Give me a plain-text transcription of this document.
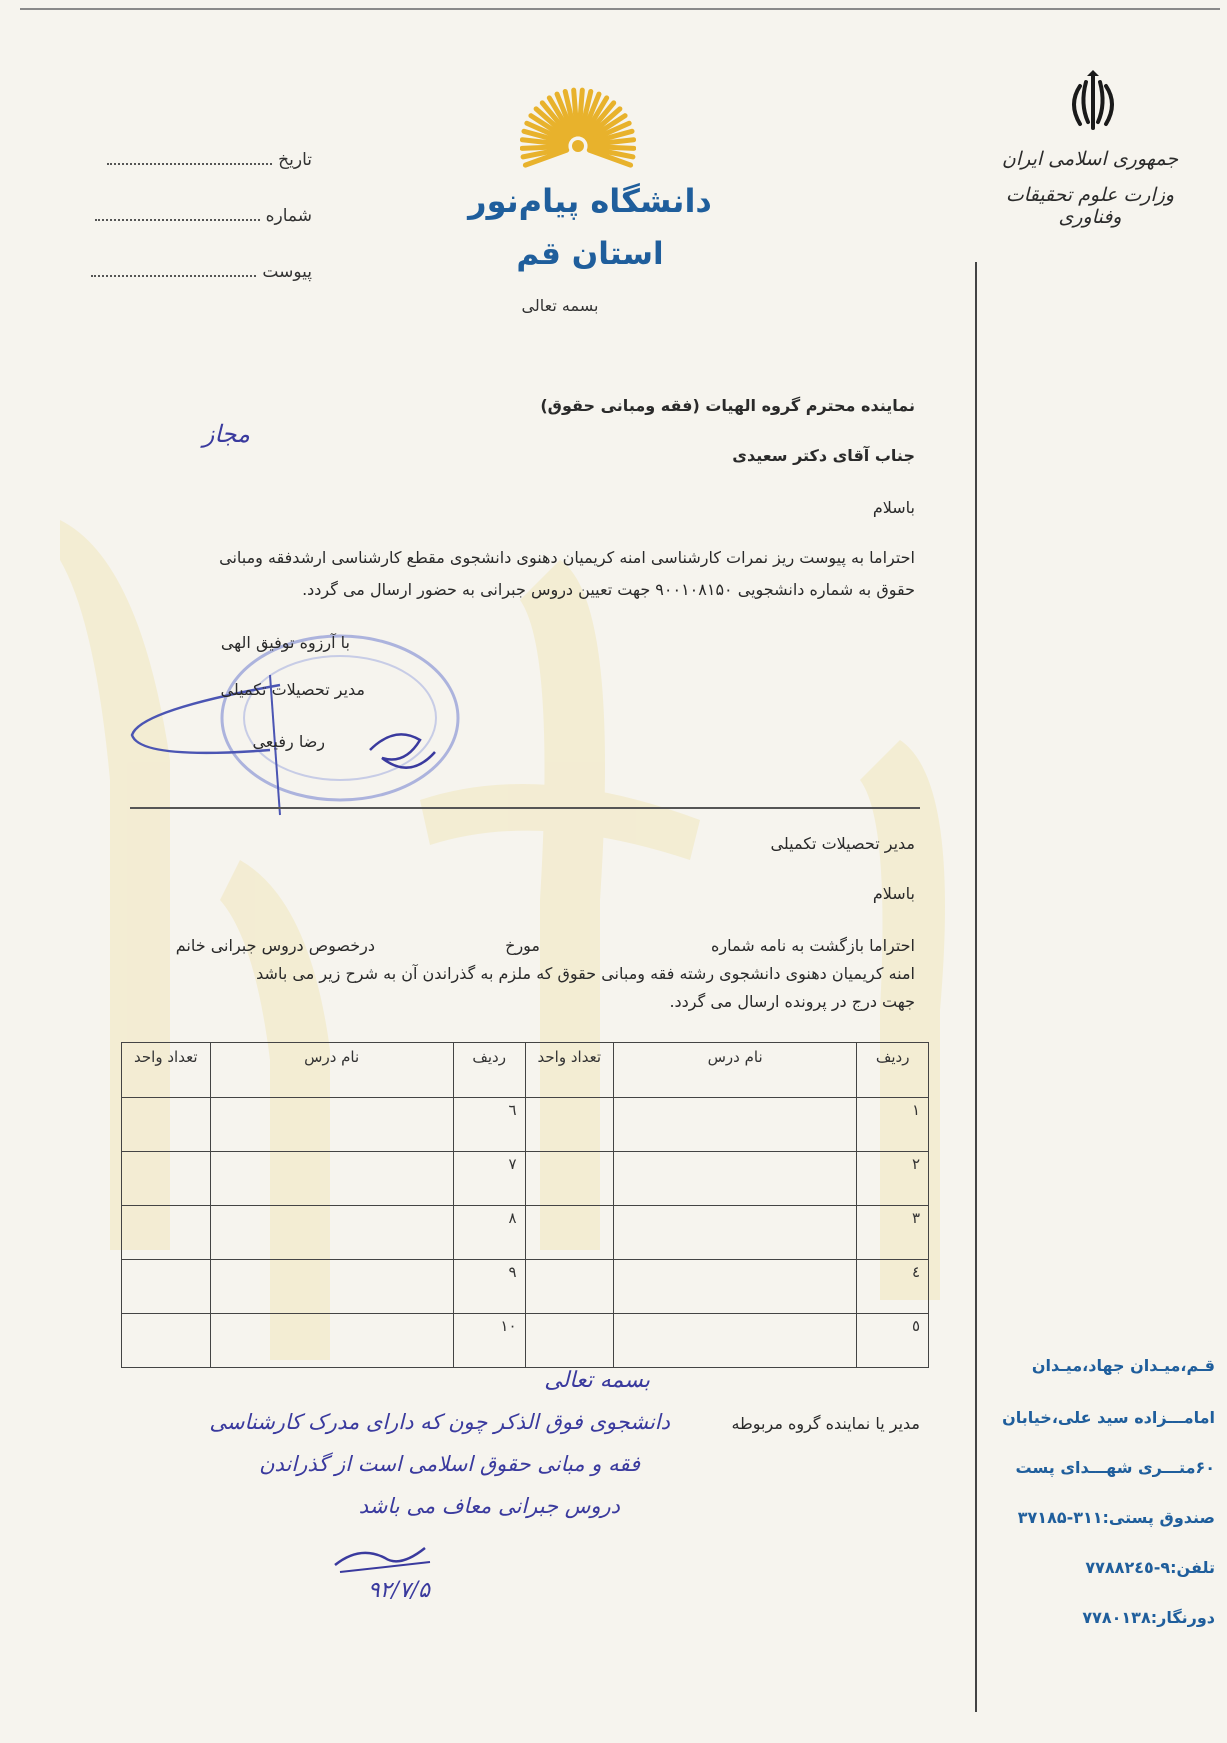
جمهوری اسلامی ایران
وزارت علوم تحقیقات وفناوری
دانشگاه پیام‌نور
استان قم
بسمه تعالی
تاریخ
شماره
پیوست
نماینده محترم گروه الهیات (فقه ومبانی حقوق)
جناب آقای دکتر سعیدی
باسلام
احتراما به پیوست ریز نمرات کارشناسی امنه کریمیان دهنوی دانشجوی مقطع کارشناسی ارشدفقه ومبانی
حقوق به شماره دانشجویی ۹۰۰۱۰۸۱۵۰ جهت تعیین دروس جبرانی به حضور ارسال می گردد.
مجاز
با آرزوه توفیق الهی
مدیر تحصیلات تکمیلی
رضا رفیعی
مدیر تحصیلات تکمیلی
باسلام
احتراما بازگشت به نامه شماره
مورخ
درخصوص دروس جبرانی خانم
امنه کریمیان دهنوی دانشجوی رشته فقه ومبانی حقوق که ملزم به گذراندن آن به شرح زیر می باشد
جهت درج در پرونده ارسال می گردد.
ردیف	نام درس	تعداد واحد	ردیف	نام درس	تعداد واحد
١			٦		
٢			٧		
٣			٨		
٤			٩		
٥			١٠		
مدیر یا نماینده گروه مربوطه
بسمه تعالی
دانشجوی فوق الذکر چون که دارای مدرک کارشناسی
فقه و مبانی حقوق اسلامی است از گذراندن
دروس جبرانی معاف می باشد
۹۲/۷/۵
قـم،میـدان جهاد،میـدان
امامـــزاده سید علی،خیابان
۶۰متـــری شهـــدای پست
صندوق پستی:۳۱۱-۳۷۱۸۵
تلفن:۹-۷۷۸۸۲٤٥
دورنگار:۷۷۸۰۱۳۸
